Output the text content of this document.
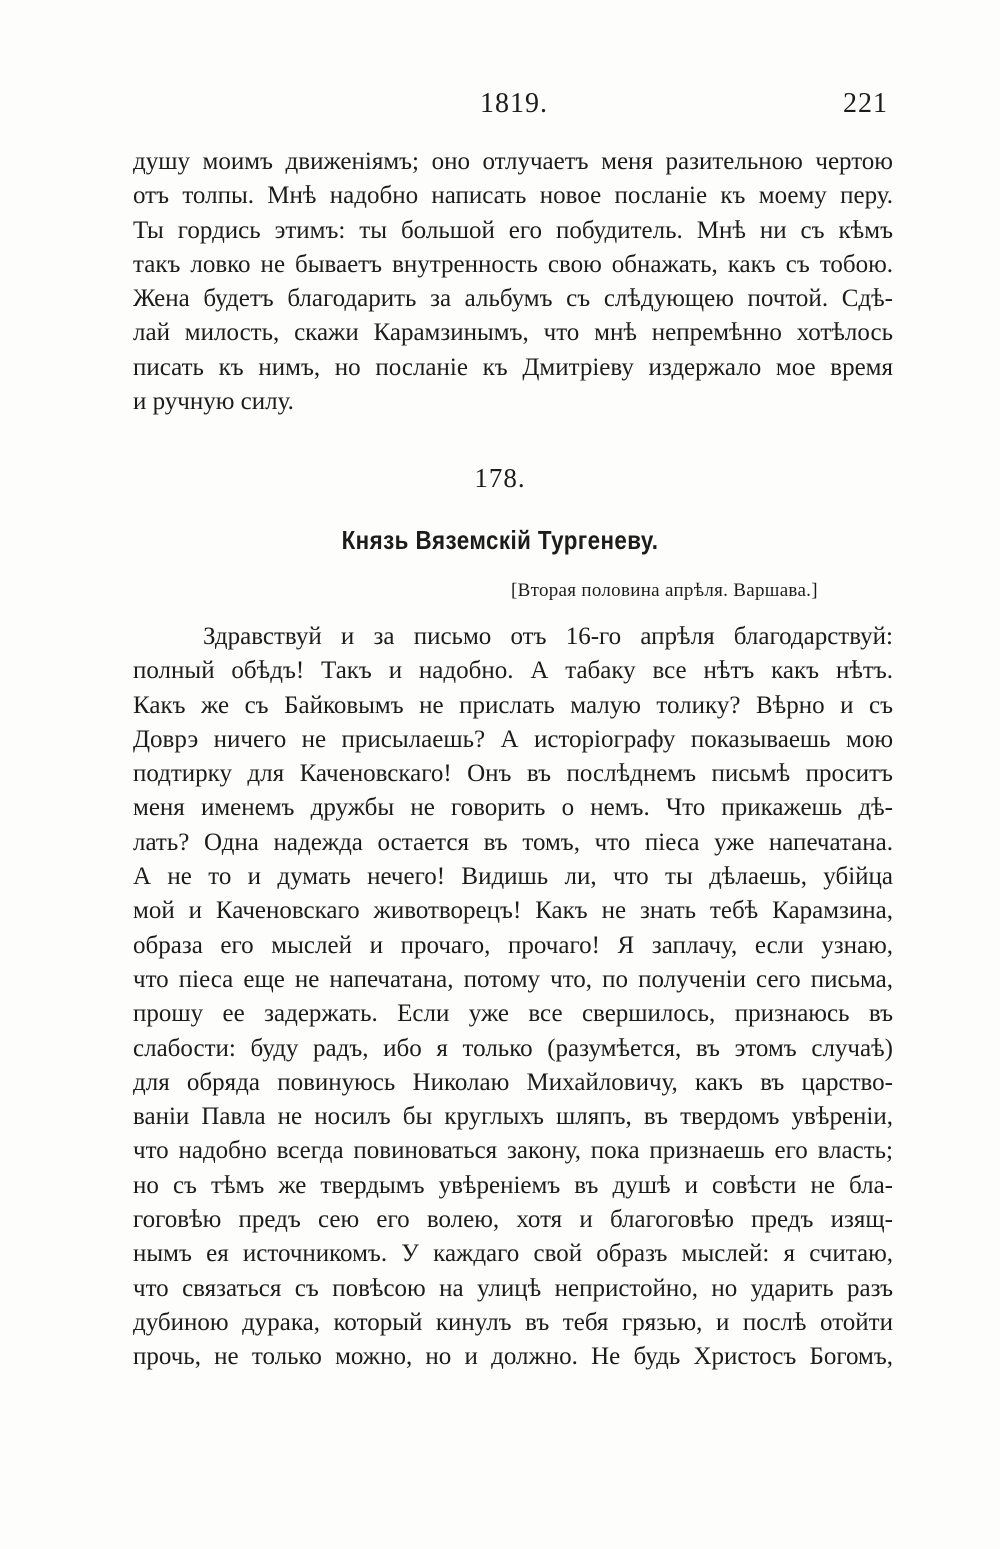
1819.	221
душу моимъ движеніямъ; оно отлучаетъ меня разительною чертою
отъ толпы. Мнѣ надобно написать новое посланіе къ моему перу.
Ты гордись этимъ: ты большой его побудитель. Мнѣ ни съ кѣмъ
такъ ловко не бываетъ внутренность свою обнажать, какъ съ тобою.
Жена будетъ благодарить за альбумъ съ слѣдующею почтой. Сдѣ-
лай милость, скажи Карамзинымъ, что мнѣ непремѣнно хотѣлось
писать къ нимъ, но посланіе къ Дмитріеву издержало мое время
и ручную силу.
178.
Князь Вяземскій Тургеневу.
[Вторая половина апрѣля. Варшава.]
Здравствуй и за письмо отъ 16-го апрѣля благодарствуй:
полный обѣдъ! Такъ и надобно. А табаку все нѣтъ какъ нѣтъ.
Какъ же съ Байковымъ не прислать малую толику? Вѣрно и съ
Доврэ ничего не присылаешь? А исторіографу показываешь мою
подтирку для Каченовскаго! Онъ въ послѣднемъ письмѣ проситъ
меня именемъ дружбы не говорить о немъ. Что прикажешь дѣ-
лать? Одна надежда остается въ томъ, что піеса уже напечатана.
А не то и думать нечего! Видишь ли, что ты дѣлаешь, убійца
мой и Каченовскаго животворецъ! Какъ не знать тебѣ Карамзина,
образа его мыслей и прочаго, прочаго! Я заплачу, если узнаю,
что піеса еще не напечатана, потому что, по полученіи сего письма,
прошу ее задержать. Если уже все свершилось, признаюсь въ
слабости: буду радъ, ибо я только (разумѣется, въ этомъ случаѣ)
для обряда повинуюсь Николаю Михайловичу, какъ въ царство-
ваніи Павла не носилъ бы круглыхъ шляпъ, въ твердомъ увѣреніи,
что надобно всегда повиноваться закону, пока признаешь его власть;
но съ тѣмъ же твердымъ увѣреніемъ въ душѣ и совѣсти не бла-
гоговѣю предъ сею его волею, хотя и благоговѣю предъ изящ-
нымъ ея источникомъ. У каждаго свой образъ мыслей: я считаю,
что связаться съ повѣсою на улицѣ непристойно, но ударить разъ
дубиною дурака, который кинулъ въ тебя грязью, и послѣ отойти
прочь, не только можно, но и должно. Не будь Христосъ Богомъ,
